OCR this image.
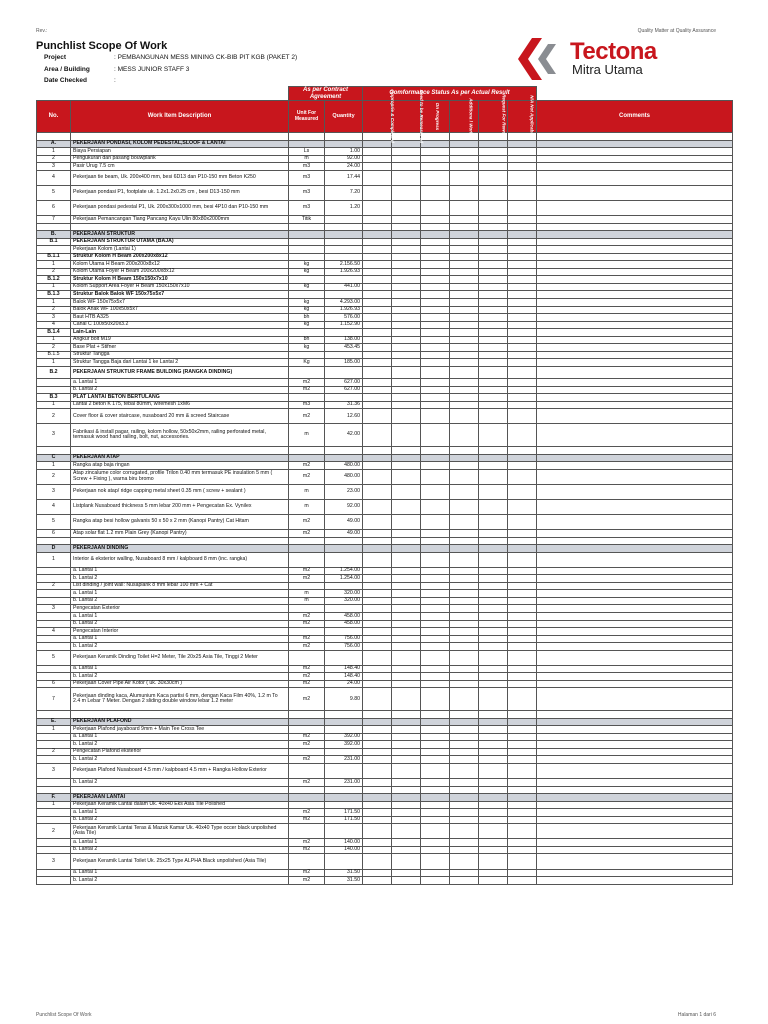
Rev.:	Quality Matter at Quality Assurance
Punchlist Scope Of Work
Project	: PEMBANGUNAN MESS MINING CK-BIB PIT KGB (PAKET 2)
Area / Building	: MESS JUNIOR STAFF 3
Date Checked	:
Tectona
Mitra Utama
		As per Contract Agreement		Comformance Status As per Actual Result						
No.	Work Item Description	Unit For Measured	Quantity	Approprie & Complete d	Need to be Remeasur ed	On Progress	Additiona l Work	Request For Rework	N/A Not Applicabl e	Comments

A.	PEKERJAAN PONDASI, KOLOM PEDESTAL,SLOOF & LANTAI									
1	Biaya Persiapan	Ls	1.00							
2	Pengukuran dan pasang bouwplank	m	92.00							
3	Pasir Urug 7.5 cm	m3	24.00							
4	Pekerjaan tie beam, Uk. 200x400 mm, besi 6D13 dan P10-150 mm Beton K250	m3	17.44							
5	Pekerjaan pondasi P1, footplate uk. 1.2x1.2x0.25 cm , besi D13-150 mm	m3	7.20							
6	Pekerjaan pondasi pedestal P1, Uk. 200x300x1000 mm, besi 4P10 dan P10-150 mm	m3	1.20							
7	Pekerjaan Pemancangan Tiang Pancang Kayu Ulin 80x80x2000mm	Titik								

B.	PEKERJAAN STRUKTUR									
B.1	PEKERJAAN STRUKTUR UTAMA (BAJA)									
	Pekerjaan Kolom (Lantai 1)									
B.1.1	Struktur Kolom H Beam 200x200x8x12									
1	Kolom Utama H Beam 200x200x8x12	kg	2.156.50							
2	Kolom Utama Foyer H Beam 200x200x8x12	kg	1.926.93							
B.1.2	Struktur Kolom H Beam 150x150x7x10									
1	Kolom Support Area Foyer H Beam 150x150x7x10	kg	441.00							
B.1.3	Struktur Balok Balok WF 150x75x5x7									
1	Balok WF 150x75x5x7	kg	4.293.00							
2	Balok Anak WF 100x50x5x7	kg	1.926.93							
3	Baut HTB A325	bh	576.00							
4	Canal C 100x50x20x3.2	kg	1.152.90							
B.1.4	Lain-Lain									
1	Angkur bolt M19	bh	138.00							
2	Base Plat + Stifner	kg	453.45							
B.1.5	Struktur Tangga									
1	Struktur Tangga Baja dari Lantai 1 ke Lantai 2	Kg	185.00							
B.2	PEKERJAAN STRUKTUR FRAME BUILDING (RANGKA DINDING)									
	a. Lantai 1	m2	627.00							
	b. Lantai 2	m2	627.00							
B.3	PLAT LANTAI BETON BERTULANG									
1	Lantai 2 beton K 175, tebal 80mm, wiremesh 1xM6	m3	31.36							
2	Cover floor & cover staircase, nusaboard 20 mm & screed Staircase	m2	12.60							
3	Fabrikasi & install pagar, railing, kolom hollow, 50x50x2mm, railing perforated metal, termasuk wood hand railing, bolt, nut, accessories.	m	42.00							

C	PEKERJAAN ATAP									
1	Rangka atap baja ringan	m2	480.00							
2	Atap zincalume color corrugated, profile Trilon 0.40 mm termasuk PE insulation 5 mm ( Screw + Fixing ), warna biru bromo	m2	480.00							
3	Pekerjaan nok atap/ ridge capping metal sheet 0.35 mm ( screw + sealant )	m	23.00							
4	Listplank Nusaboard thickness 5 mm lebar 200 mm + Pengecatan Ex. Vynilex	m	92.00							
5	Rangka atap besi hollow galvanis 50 x 50 x 2 mm (Kanopi Pantry) Cat Hitam	m2	49.00							
6	Atap solar flat 1.2 mm Plain Grey (Kanopi Pantry)	m2	49.00							

D	PEKERJAAN DINDING									
1	Interior & eksterior walling, Nusaboard 8 mm / kalpboard 8 mm (inc. rangka)									
	a. Lantai 1	m2	1.254.00							
	b. Lantai 2	m2	1.254.00							
2	List dinding / joint wall: Nusaplank 8 mm lebar 100 mm + Cat									
	a. Lantai 1	m	320.00							
	b. Lantai 2	m	320.00							
3	Pengecatan Exterior									
	a. Lantai 1	m2	458.00							
	b. Lantai 2	m2	458.00							
4	Pengecatan Interior									
	a. Lantai 1	m2	756.00							
	b. Lantai 2	m2	756.00							
5	Pekerjaan Keramik Dinding Toilet H=2 Meter, Tile 20x25 Asia Tile, Tinggi 2 Meter									
	a. Lantai 1	m2	148.40							
	b. Lantai 2	m2	148.40							
6	Pekerjaan Cover Pipe Air Kotor ( uk. 30x30cm )	m2	24.00							
7	Pekerjaan dinding kaca, Alumunium Kaca partisi 6 mm, dengan Kaca Film 40%, 1.2 m To 2.4 m Lebar 7 Meter. Dengan 2 sliding double window lebar 1.2 meter	m2	9.80							

E.	PEKERJAAN PLAFOND									
1	Pekerjaan Plafond jayaboard 9mm + Main Tee Cross Tee									
	a. Lantai 1	m2	392.00							
	b. Lantai 2	m2	392.00							
2	Pengecatan Plafond eksterior									
	b. Lantai 2	m2	231.00							
3	Pekerjaan Plafond Nusaboard 4.5 mm / kalpboard 4.5 mm + Rangka Hollow Exterior									
	b. Lantai 2	m2	231.00							

F.	PEKERJAAN LANTAI									
1	Pekerjaan Keramik Lantai dalam Uk. 40x40 Eks Asia Tile Polished									
	a. Lantai 1	m2	171.50							
	b. Lantai 2	m2	171.50							
2	Pekerjaan Keramik Lantai Teras & Mazuk Kamar Uk. 40x40 Type occer black unpolished (Asia Tile)									
	a. Lantai 1	m2	140.00							
	b. Lantai 2	m2	140.00							
3	Pekerjaan Keramik Lantai Toilet Uk. 25x25 Type ALPHA Black unpolished (Asia Tile)									
	a. Lantai 1	m2	31.50							
	b. Lantai 2	m2	31.50							
Punchlist Scope Of Work	Halaman 1 dari 6
